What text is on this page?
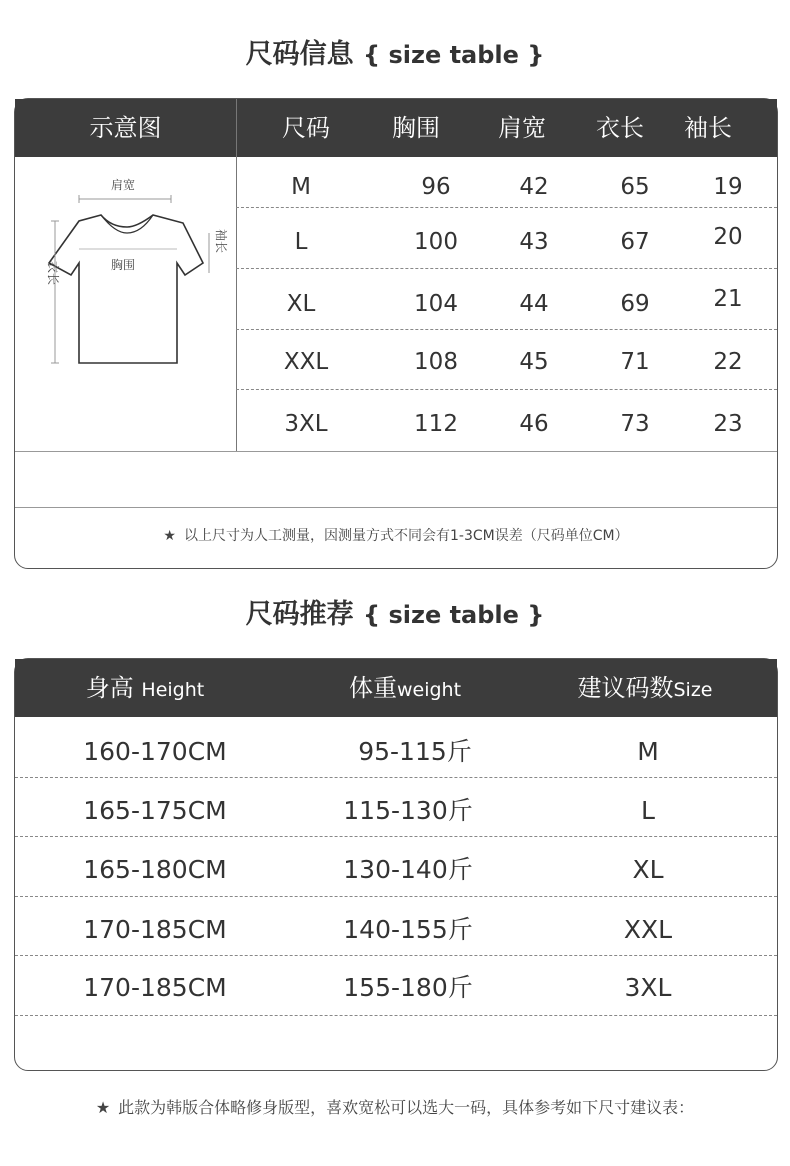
尺码信息 { size table }
示意图	尺码	胸围	肩宽	衣长	袖长
肩宽
胸围
衣长
袖长
M	96	42	65	19
L	100	43	67	20
XL	104	44	69	21
XXL	108	45	71	22
3XL	112	46	73	23
★ 以上尺寸为人工测量，因测量方式不同会有1-3CM误差（尺码单位CM）
尺码推荐 { size table }
身高 Height	体重weight	建议码数Size
160-170CM	95-115斤	M
165-175CM	115-130斤	L
165-180CM	130-140斤	XL
170-185CM	140-155斤	XXL
170-185CM	155-180斤	3XL
★ 此款为韩版合体略修身版型，喜欢宽松可以选大一码，具体参考如下尺寸建议表：
